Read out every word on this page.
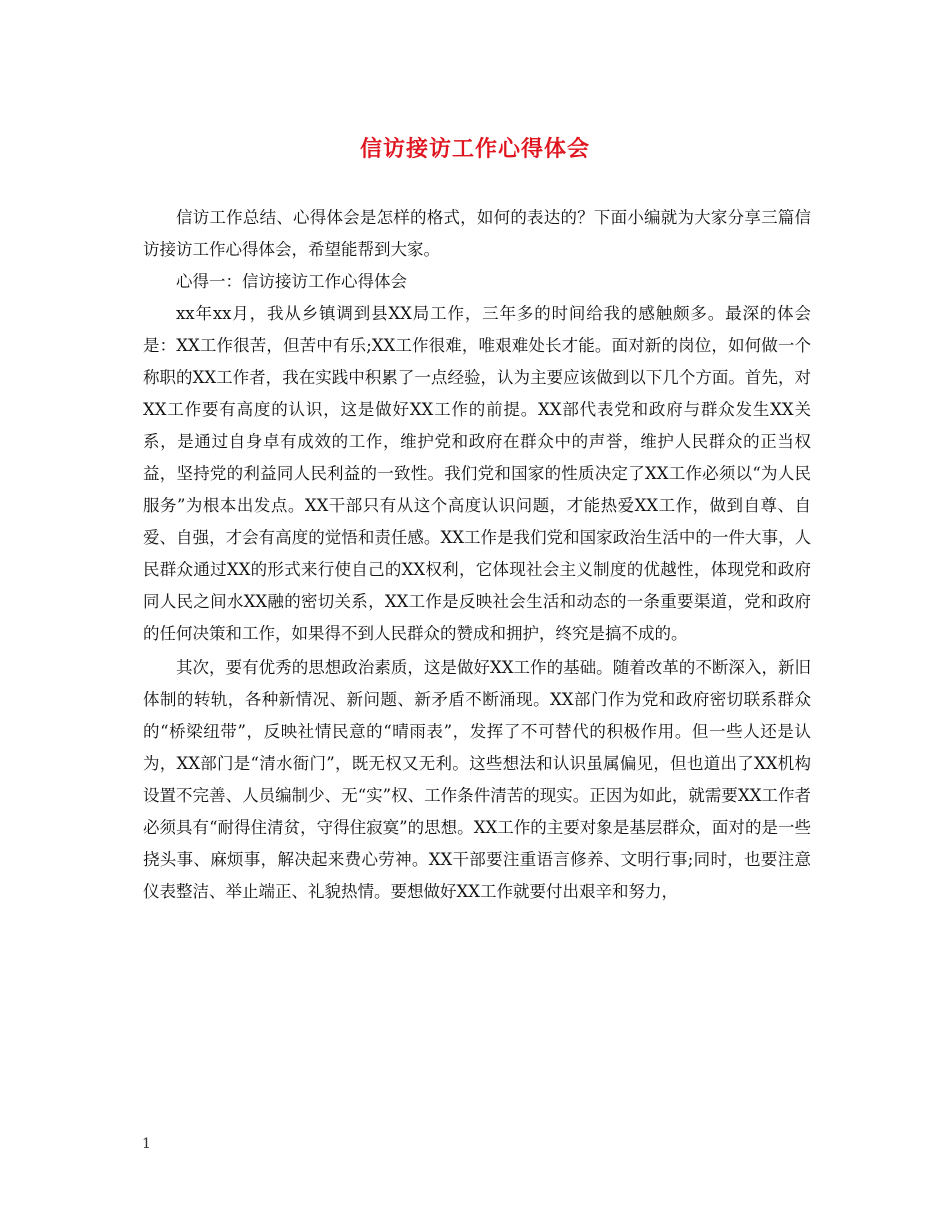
信访接访工作心得体会

信访工作总结、心得体会是怎样的格式，如何的表达的？下面小编就为大家分享三篇信访接访工作心得体会，希望能帮到大家。

心得一：信访接访工作心得体会

xx年xx月，我从乡镇调到县XX局工作，三年多的时间给我的感触颇多。最深的体会是：XX工作很苦，但苦中有乐;XX工作很难，唯艰难处长才能。面对新的岗位，如何做一个称职的XX工作者，我在实践中积累了一点经验，认为主要应该做到以下几个方面。首先，对XX工作要有高度的认识，这是做好XX工作的前提。XX部代表党和政府与群众发生XX关系，是通过自身卓有成效的工作，维护党和政府在群众中的声誉，维护人民群众的正当权益，坚持党的利益同人民利益的一致性。我们党和国家的性质决定了XX工作必须以“为人民服务”为根本出发点。XX干部只有从这个高度认识问题，才能热爱XX工作，做到自尊、自爱、自强，才会有高度的觉悟和责任感。XX工作是我们党和国家政治生活中的一件大事，人民群众通过XX的形式来行使自己的XX权利，它体现社会主义制度的优越性，体现党和政府同人民之间水XX融的密切关系，XX工作是反映社会生活和动态的一条重要渠道，党和政府的任何决策和工作，如果得不到人民群众的赞成和拥护，终究是搞不成的。

其次，要有优秀的思想政治素质，这是做好XX工作的基础。随着改革的不断深入，新旧体制的转轨，各种新情况、新问题、新矛盾不断涌现。XX部门作为党和政府密切联系群众的“桥梁纽带”，反映社情民意的“晴雨表”，发挥了不可替代的积极作用。但一些人还是认为，XX部门是“清水衙门”，既无权又无利。这些想法和认识虽属偏见，但也道出了XX机构设置不完善、人员编制少、无“实”权、工作条件清苦的现实。正因为如此，就需要XX工作者必须具有“耐得住清贫，守得住寂寞”的思想。XX工作的主要对象是基层群众，面对的是一些挠头事、麻烦事，解决起来费心劳神。XX干部要注重语言修养、文明行事;同时，也要注意仪表整洁、举止端正、礼貌热情。要想做好XX工作就要付出艰辛和努力，

1
